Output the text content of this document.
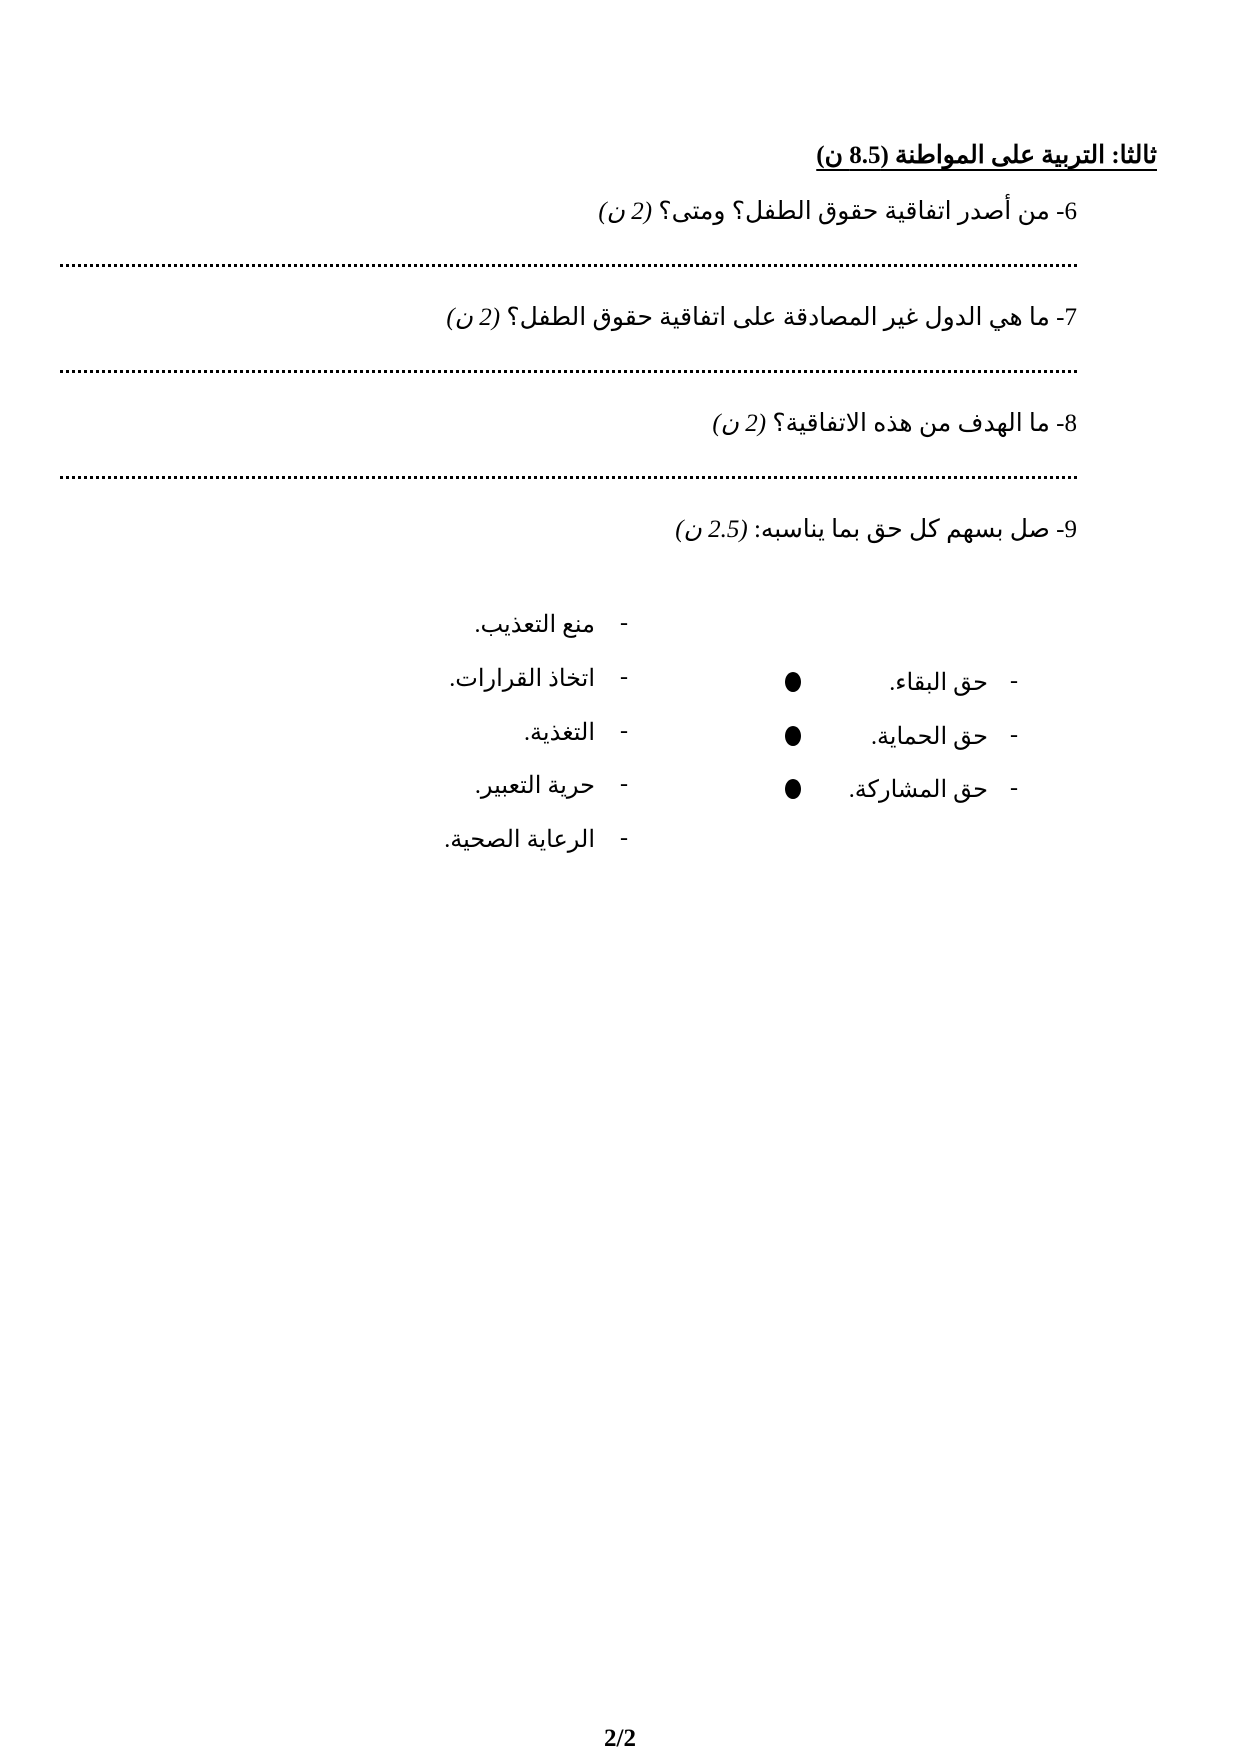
ثالثا: التربية على المواطنة (8.5 ن)
6- من أصدر اتفاقية حقوق الطفل؟ ومتى؟ (2 ن)
7- ما هي الدول غير المصادقة على اتفاقية حقوق الطفل؟ (2 ن)
8- ما الهدف من هذه الاتفاقية؟ (2 ن)
9- صل بسهم كل حق بما يناسبه: (2.5 ن)
-
حق البقاء.
-
حق الحماية.
-
حق المشاركة.
-
منع التعذيب.
-
اتخاذ القرارات.
-
التغذية.
-
حرية التعبير.
-
الرعاية الصحية.
2/2
